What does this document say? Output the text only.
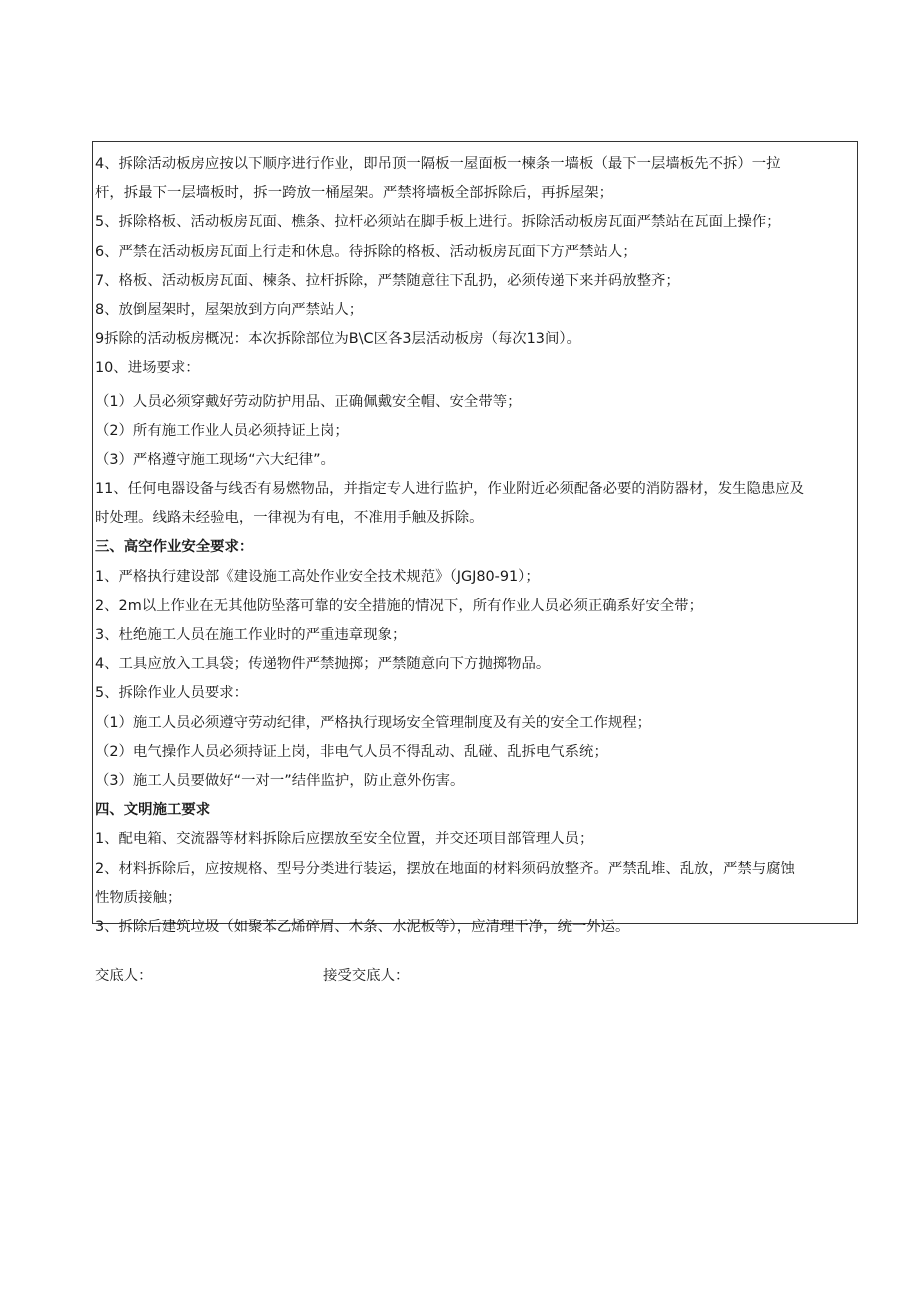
4、拆除活动板房应按以下顺序进行作业，即吊顶一隔板一屋面板一楝条一墙板（最下一层墙板先不拆）一拉
杆，拆最下一层墙板时，拆一跨放一桶屋架。严禁将墙板全部拆除后，再拆屋架；
5、拆除格板、活动板房瓦面、樵条、拉杆必须站在脚手板上进行。拆除活动板房瓦面严禁站在瓦面上操作；
6、严禁在活动板房瓦面上行走和休息。待拆除的格板、活动板房瓦面下方严禁站人；
7、格板、活动板房瓦面、楝条、拉杆拆除，严禁随意往下乱扔，必须传递下来并码放整齐；
8、放倒屋架时，屋架放到方向严禁站人；
9拆除的活动板房概况：本次拆除部位为B\C区各3层活动板房（每次13间）。
10、进场要求：
（1）人员必须穿戴好劳动防护用品、正确佩戴安全帽、安全带等；
（2）所有施工作业人员必须持证上岗；
（3）严格遵守施工现场“六大纪律”。
11、任何电器设备与线否有易燃物品，并指定专人进行监护，作业附近必须配备必要的消防器材，发生隐患应及
时处理。线路未经验电，一律视为有电，不准用手触及拆除。
三、高空作业安全要求：
1、严格执行建设部《建设施工高处作业安全技术规范》（JGJ80-91）；
2、2m以上作业在无其他防坠落可靠的安全措施的情况下，所有作业人员必须正确系好安全带；
3、杜绝施工人员在施工作业时的严重违章现象；
4、工具应放入工具袋；传递物件严禁抛掷；严禁随意向下方抛掷物品。
5、拆除作业人员要求：
（1）施工人员必须遵守劳动纪律，严格执行现场安全管理制度及有关的安全工作规程；
（2）电气操作人员必须持证上岗，非电气人员不得乱动、乱碰、乱拆电气系统；
（3）施工人员要做好“一对一”结伴监护，防止意外伤害。
四、文明施工要求
1、配电箱、交流器等材料拆除后应摆放至安全位置，并交还项目部管理人员；
2、材料拆除后，应按规格、型号分类进行装运，摆放在地面的材料须码放整齐。严禁乱堆、乱放，严禁与腐蚀
性物质接触；
3、拆除后建筑垃圾（如聚苯乙烯碎屑、木条、水泥板等），应清理干净，统一外运。
交底人：	接受交底人：
